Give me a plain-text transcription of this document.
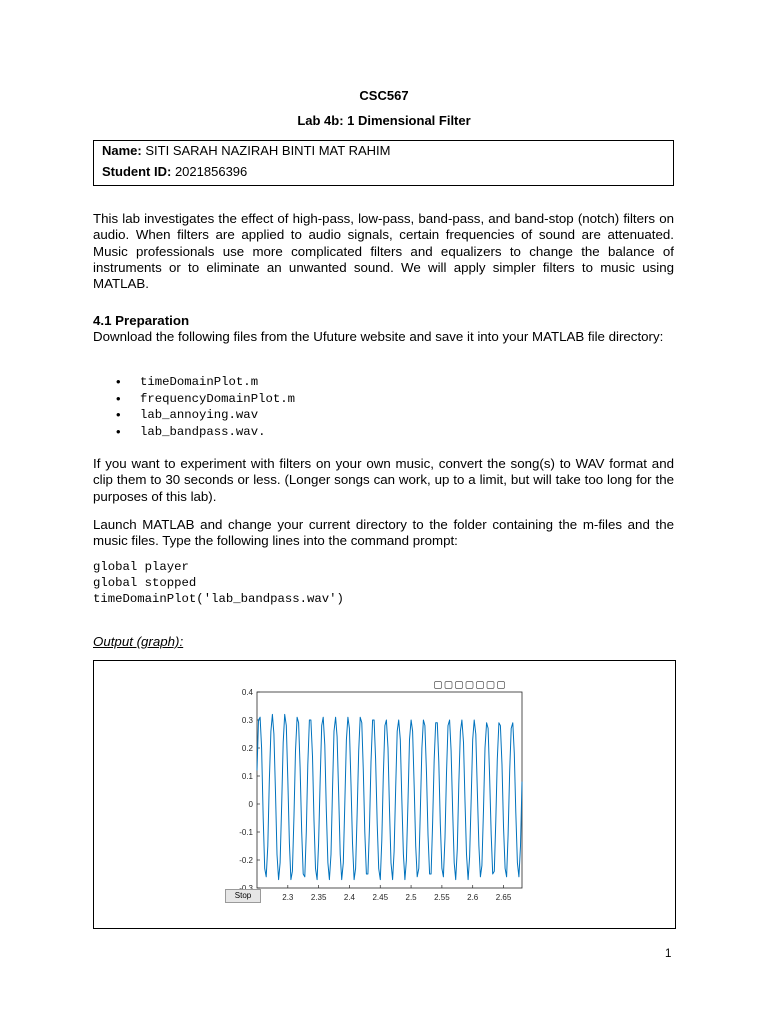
CSC567
Lab 4b: 1 Dimensional Filter
Name: SITI SARAH NAZIRAH BINTI MAT RAHIM
Student ID: 2021856396

This lab investigates the effect of high-pass, low-pass, band-pass, and band-stop (notch) filters on audio. When filters are applied to audio signals, certain frequencies of sound are attenuated. Music professionals use more complicated filters and equalizers to change the balance of instruments or to eliminate an unwanted sound. We will apply simpler filters to music using MATLAB.

4.1 Preparation

Download the following files from the Ufuture website and save it into your MATLAB file directory:

• timeDomainPlot.m
• frequencyDomainPlot.m
• lab_annoying.wav
• lab_bandpass.wav.

If you want to experiment with filters on your own music, convert the song(s) to WAV format and clip them to 30 seconds or less. (Longer songs can work, up to a limit, but will take too long for the purposes of this lab).

Launch MATLAB and change your current directory to the folder containing the m-files and the music files. Type the following lines into the command prompt:

global player
global stopped
timeDomainPlot('lab_bandpass.wav')
Output (graph):
0.4
0.3
0.2
0.1
0
-0.1
-0.2
2.3 2.35 2.4 2.45 2.5 2.55 2.6 2.65
Stop
1
